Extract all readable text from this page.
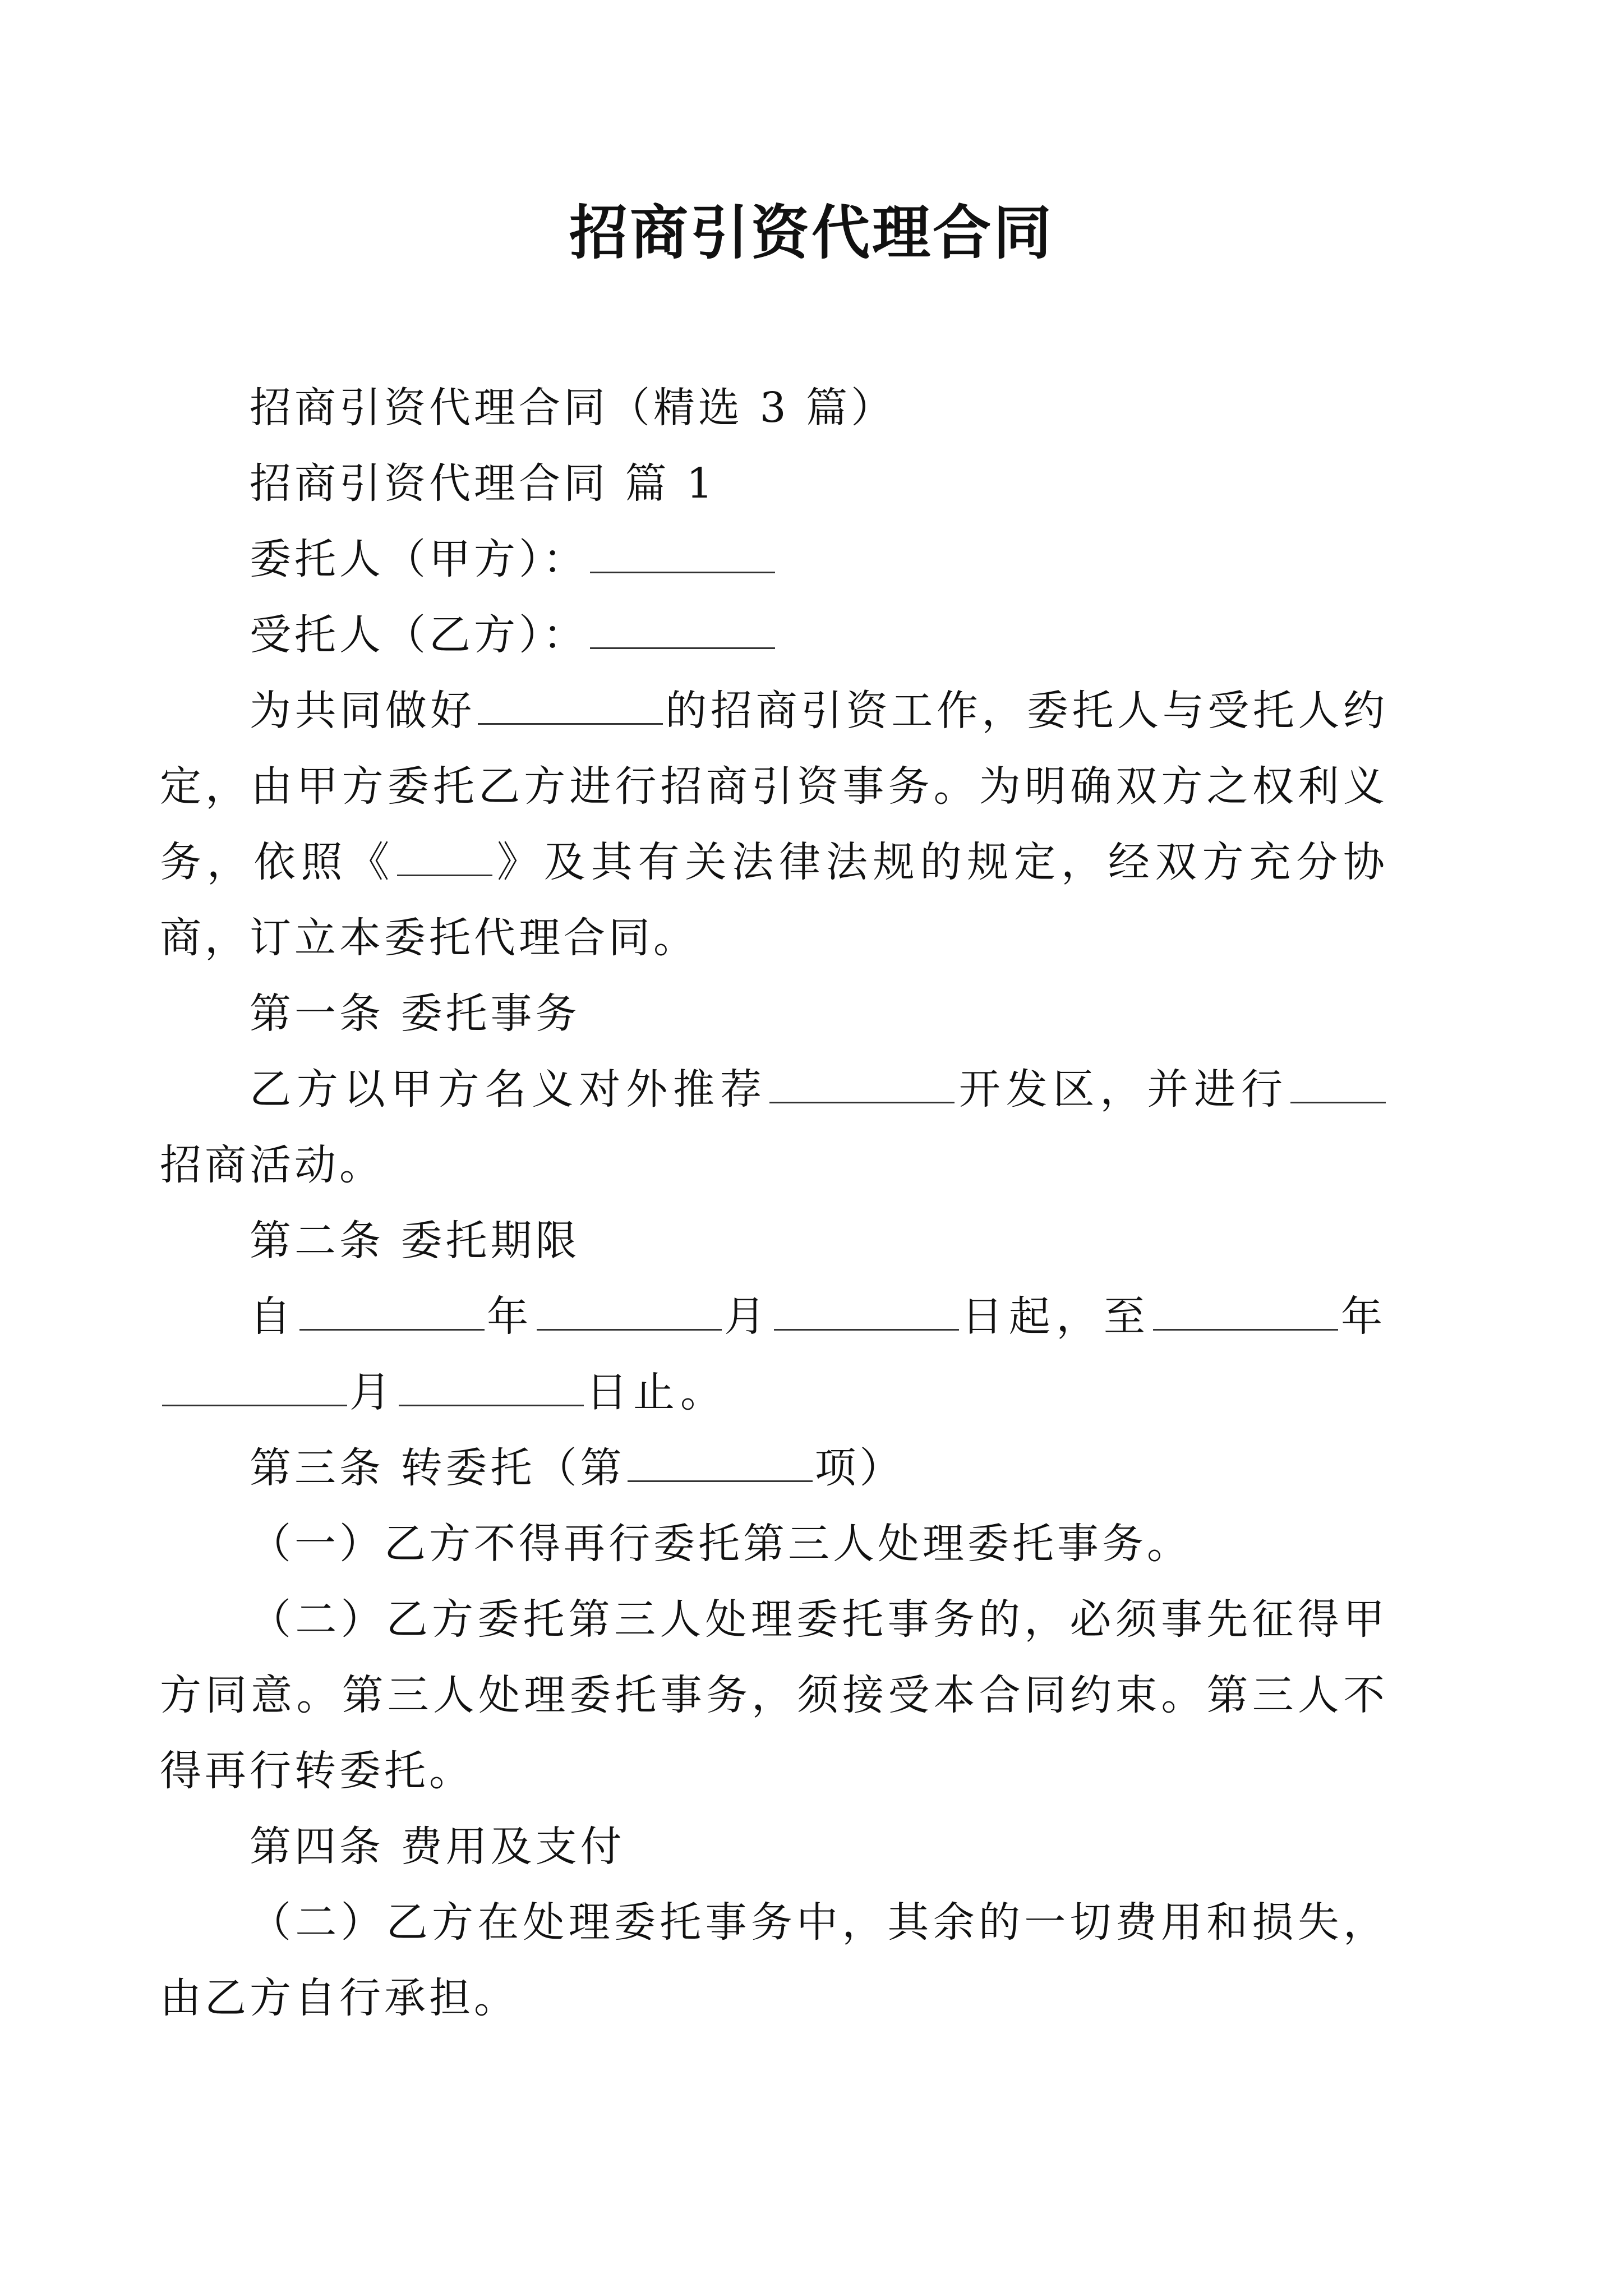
招商引资代理合同

招商引资代理合同（精选 3 篇）

招商引资代理合同 篇 1

委托人（甲方）：

受托人（乙方）：

为共同做好	的招商引资工作，委托人与受托人约定，由甲方委托乙方进行招商引资事务。为明确双方之权利义务，依照《 》及其有关法律法规的规定，经双方充分协商，订立本委托代理合同。

第一条 委托事务

乙方以甲方名义对外推荐	开发区，并进行招商活动。

第二条 委托期限

自	年	月	日起，至	年月	日止。

第三条 转委托（第	项）

（一）乙方不得再行委托第三人处理委托事务。

（二）乙方委托第三人处理委托事务的，必须事先征得甲方同意。第三人处理委托事务，须接受本合同约束。第三人不得再行转委托。

第四条 费用及支付

（二）乙方在处理委托事务中，其余的一切费用和损失，由乙方自行承担。
